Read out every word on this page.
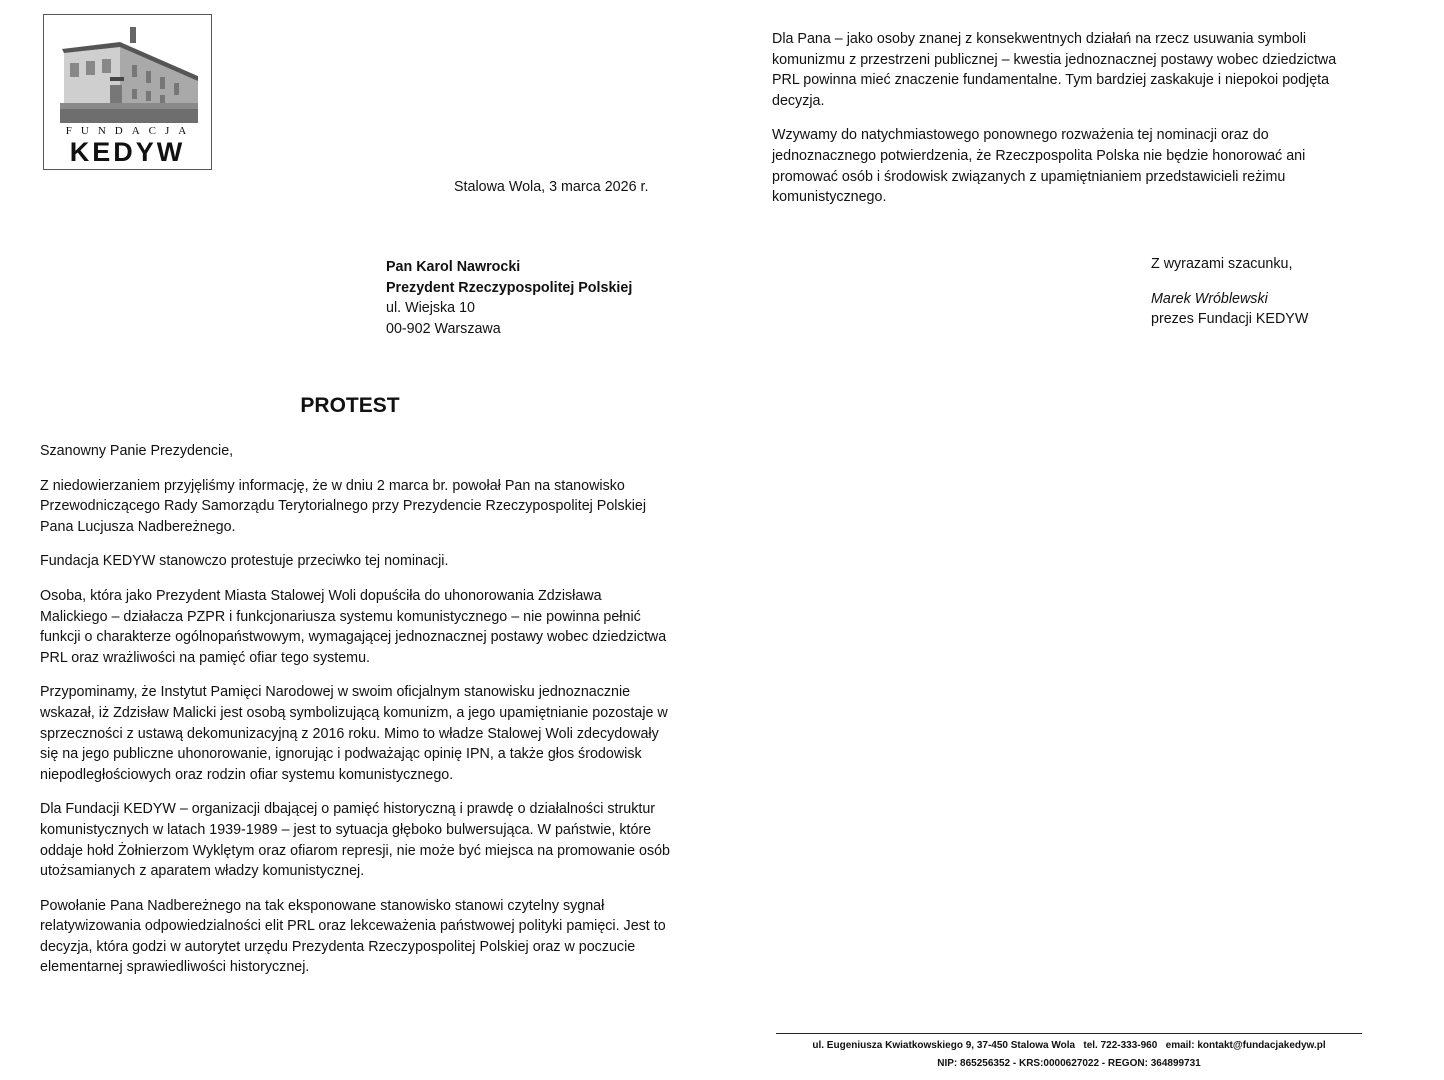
FUNDACJA
KEDYW
Stalowa Wola, 3 marca 2026 r.
Pan Karol Nawrocki
Prezydent Rzeczypospolitej Polskiej
ul. Wiejska 10
00-902 Warszawa
PROTEST

Szanowny Panie Prezydencie,

Z niedowierzaniem przyjęliśmy informację, że w dniu 2 marca br. powołał Pan na stanowisko Przewodniczącego Rady Samorządu Terytorialnego przy Prezydencie Rzeczypospolitej Polskiej Pana Lucjusza Nadbereżnego.

Fundacja KEDYW stanowczo protestuje przeciwko tej nominacji.

Osoba, która jako Prezydent Miasta Stalowej Woli dopuściła do uhonorowania Zdzisława Malickiego – działacza PZPR i funkcjonariusza systemu komunistycznego – nie powinna pełnić funkcji o charakterze ogólnopaństwowym, wymagającej jednoznacznej postawy wobec dziedzictwa PRL oraz wrażliwości na pamięć ofiar tego systemu.

Przypominamy, że Instytut Pamięci Narodowej w swoim oficjalnym stanowisku jednoznacznie wskazał, iż Zdzisław Malicki jest osobą symbolizującą komunizm, a jego upamiętnianie pozostaje w sprzeczności z ustawą dekomunizacyjną z 2016 roku. Mimo to władze Stalowej Woli zdecydowały się na jego publiczne uhonorowanie, ignorując i podważając opinię IPN, a także głos środowisk niepodległościowych oraz rodzin ofiar systemu komunistycznego.

Dla Fundacji KEDYW – organizacji dbającej o pamięć historyczną i prawdę o działalności struktur komunistycznych w latach 1939-1989 – jest to sytuacja głęboko bulwersująca. W państwie, które oddaje hołd Żołnierzom Wyklętym oraz ofiarom represji, nie może być miejsca na promowanie osób utożsamianych z aparatem władzy komunistycznej.

Powołanie Pana Nadbereżnego na tak eksponowane stanowisko stanowi czytelny sygnał relatywizowania odpowiedzialności elit PRL oraz lekceważenia państwowej polityki pamięci. Jest to decyzja, która godzi w autorytet urzędu Prezydenta Rzeczypospolitej Polskiej oraz w poczucie elementarnej sprawiedliwości historycznej.

Dla Pana – jako osoby znanej z konsekwentnych działań na rzecz usuwania symboli komunizmu z przestrzeni publicznej – kwestia jednoznacznej postawy wobec dziedzictwa PRL powinna mieć znaczenie fundamentalne. Tym bardziej zaskakuje i niepokoi podjęta decyzja.

Wzywamy do natychmiastowego ponownego rozważenia tej nominacji oraz do jednoznacznego potwierdzenia, że Rzeczpospolita Polska nie będzie honorować ani promować osób i środowisk związanych z upamiętnianiem przedstawicieli reżimu komunistycznego.

Z wyrazami szacunku,
Marek Wróblewski
prezes Fundacji KEDYW
ul. Eugeniusza Kwiatkowskiego 9, 37-450 Stalowa Wola   tel. 722-333-960   email: kontakt@fundacjakedyw.pl
NIP: 865256352 - KRS:0000627022 - REGON: 364899731
